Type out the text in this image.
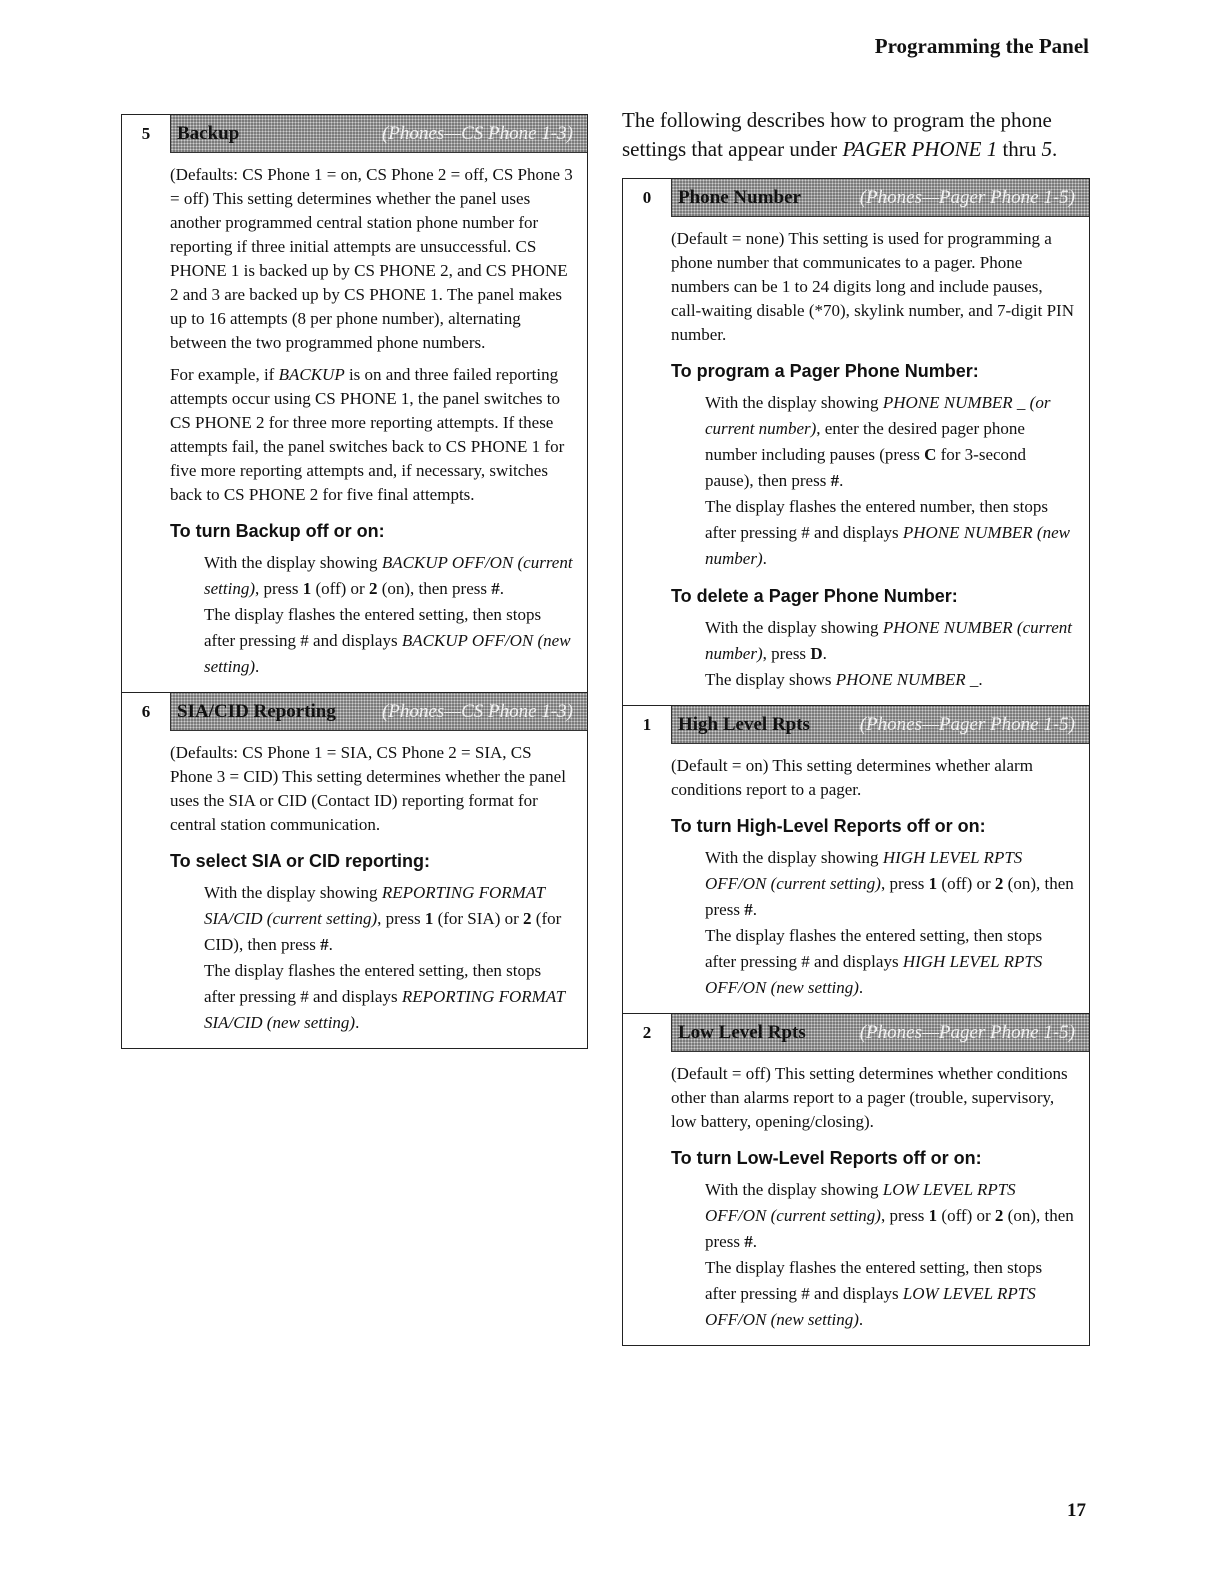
Programming the Panel
5	Backup	(Phones—CS Phone 1-3)

(Defaults: CS Phone 1 = on, CS Phone 2 = off, CS Phone 3 = off) This setting determines whether the panel uses another programmed central station phone number for reporting if three initial attempts are unsuccessful. CS PHONE 1 is backed up by CS PHONE 2, and CS PHONE 2 and 3 are backed up by CS PHONE 1. The panel makes up to 16 attempts (8 per phone number), alternating between the two programmed phone numbers.

For example, if BACKUP is on and three failed reporting attempts occur using CS PHONE 1, the panel switches to CS PHONE 2 for three more reporting attempts. If these attempts fail, the panel switches back to CS PHONE 1 for five more reporting attempts and, if necessary, switches back to CS PHONE 2 for five final attempts.

To turn Backup off or on:

With the display showing BACKUP OFF/ON (current setting), press 1 (off) or 2 (on), then press #.

The display flashes the entered setting, then stops after pressing # and displays BACKUP OFF/ON (new setting).

6	SIA/CID Reporting (Phones—CS Phone 1-3)

(Defaults: CS Phone 1 = SIA, CS Phone 2 = SIA, CS Phone 3 = CID) This setting determines whether the panel uses the SIA or CID (Contact ID) reporting format for central station communication.

To select SIA or CID reporting:

With the display showing REPORTING FORMAT SIA/CID (current setting), press 1 (for SIA) or 2 (for CID), then press #.

The display flashes the entered setting, then stops after pressing # and displays REPORTING FORMAT SIA/CID (new setting).

The following describes how to program the phone settings that appear under PAGER PHONE 1 thru 5.

0	Phone Number	(Phones—Pager Phone 1-5)

(Default = none) This setting is used for programming a phone number that communicates to a pager. Phone numbers can be 1 to 24 digits long and include pauses, call-waiting disable (*70), skylink number, and 7-digit PIN number.

To program a Pager Phone Number:

With the display showing PHONE NUMBER _ (or current number), enter the desired pager phone number including pauses (press C for 3-second pause), then press #.

The display flashes the entered number, then stops after pressing # and displays PHONE NUMBER (new number).

To delete a Pager Phone Number:

With the display showing PHONE NUMBER (current number), press D.

The display shows PHONE NUMBER _.

1	High Level Rpts	(Phones—Pager Phone 1-5)

(Default = on) This setting determines whether alarm conditions report to a pager.

To turn High-Level Reports off or on:

With the display showing HIGH LEVEL RPTS OFF/ON (current setting), press 1 (off) or 2 (on), then press #.

The display flashes the entered setting, then stops after pressing # and displays HIGH LEVEL RPTS OFF/ON (new setting).

2	Low Level Rpts	(Phones—Pager Phone 1-5)

(Default = off) This setting determines whether conditions other than alarms report to a pager (trouble, supervisory, low battery, opening/closing).

To turn Low-Level Reports off or on:

With the display showing LOW LEVEL RPTS OFF/ON (current setting), press 1 (off) or 2 (on), then press #.

The display flashes the entered setting, then stops after pressing # and displays LOW LEVEL RPTS OFF/ON (new setting).

17
